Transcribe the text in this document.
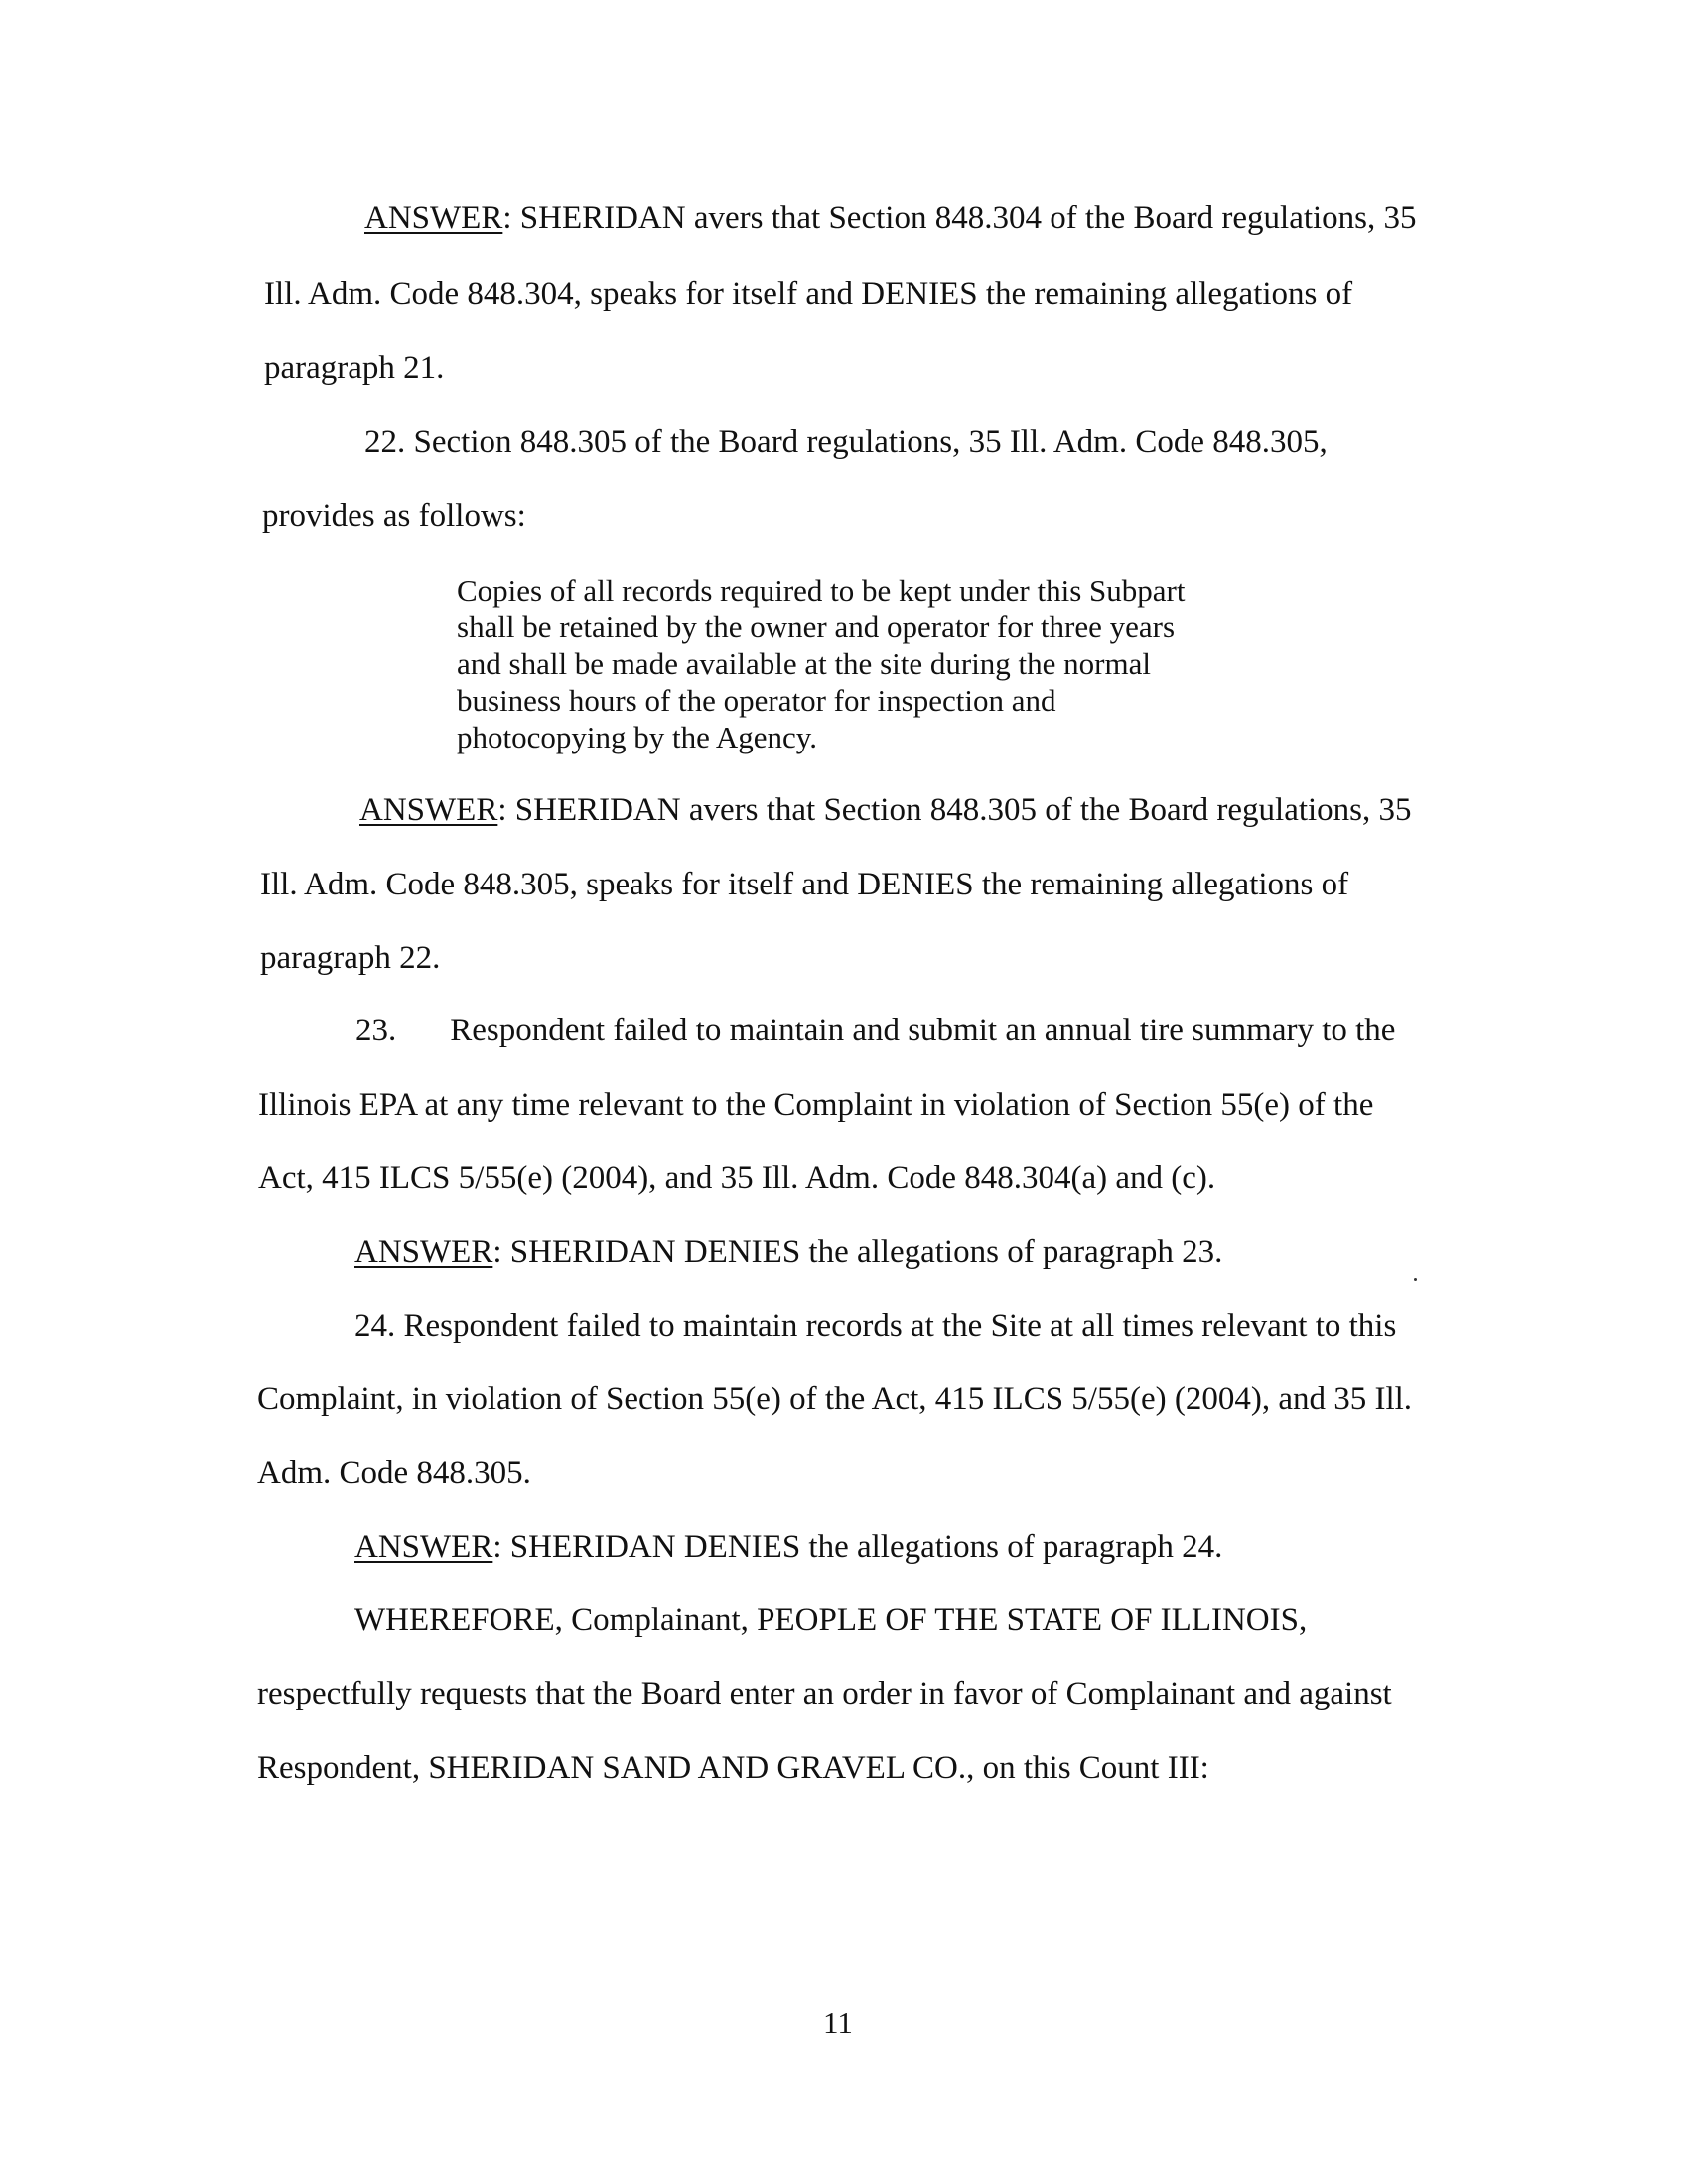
ANSWER: SHERIDAN avers that Section 848.304 of the Board regulations, 35
Ill. Adm. Code 848.304, speaks for itself and DENIES the remaining allegations of
paragraph 21.
22. Section 848.305 of the Board regulations, 35 Ill. Adm. Code 848.305,
provides as follows:
Copies of all records required to be kept under this Subpart
shall be retained by the owner and operator for three years
and shall be made available at the site during the normal
business hours of the operator for inspection and
photocopying by the Agency.
ANSWER: SHERIDAN avers that Section 848.305 of the Board regulations, 35
Ill. Adm. Code 848.305, speaks for itself and DENIES the remaining allegations of
paragraph 22.
23. Respondent failed to maintain and submit an annual tire summary to the
Illinois EPA at any time relevant to the Complaint in violation of Section 55(e) of the
Act, 415 ILCS 5/55(e) (2004), and 35 Ill. Adm. Code 848.304(a) and (c).
ANSWER: SHERIDAN DENIES the allegations of paragraph 23.
24. Respondent failed to maintain records at the Site at all times relevant to this
Complaint, in violation of Section 55(e) of the Act, 415 ILCS 5/55(e) (2004), and 35 Ill.
Adm. Code 848.305.
ANSWER: SHERIDAN DENIES the allegations of paragraph 24.
WHEREFORE, Complainant, PEOPLE OF THE STATE OF ILLINOIS,
respectfully requests that the Board enter an order in favor of Complainant and against
Respondent, SHERIDAN SAND AND GRAVEL CO., on this Count III:
11
